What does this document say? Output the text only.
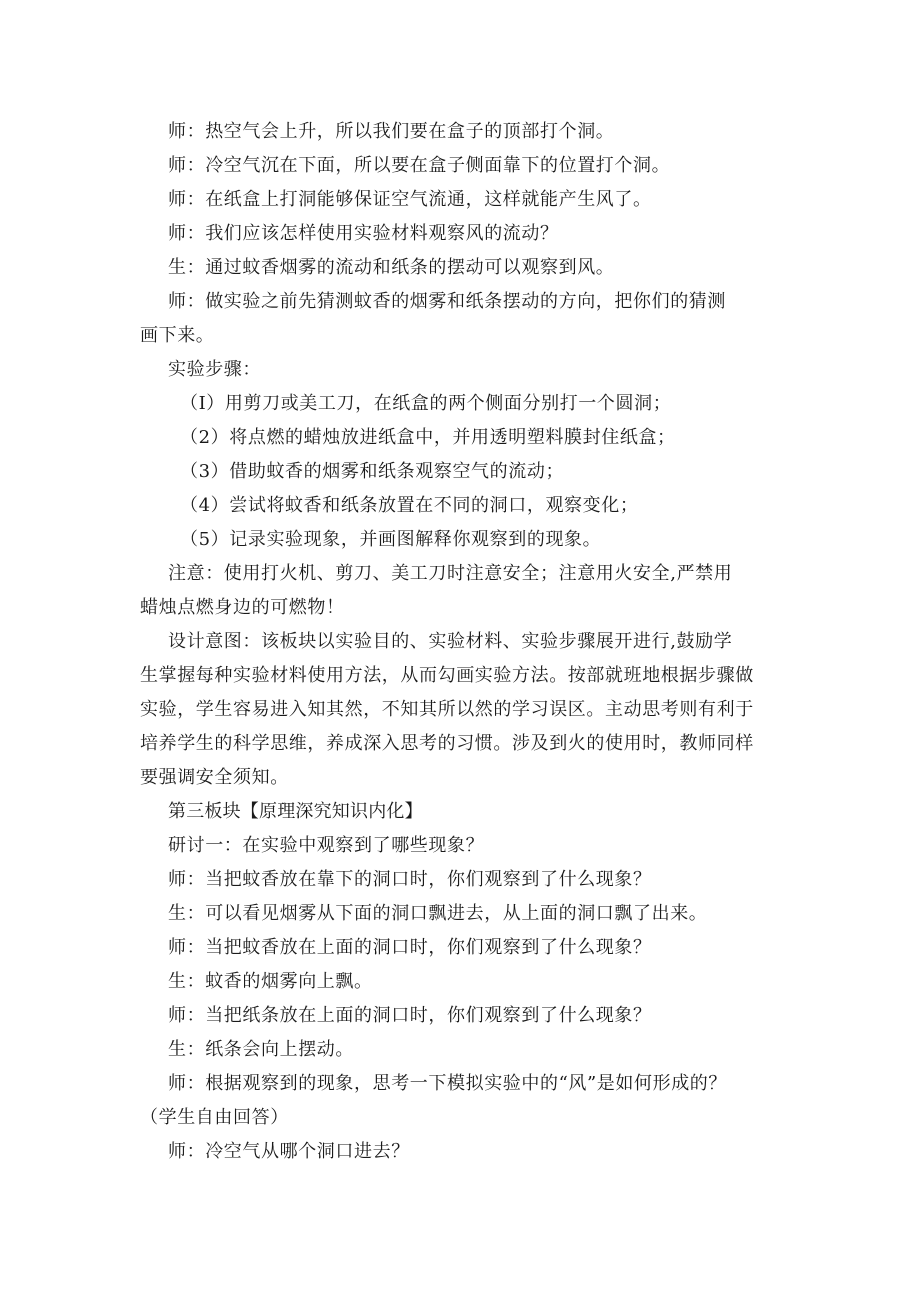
师：热空气会上升，所以我们要在盒子的顶部打个洞。

师：冷空气沉在下面，所以要在盒子侧面靠下的位置打个洞。

师：在纸盒上打洞能够保证空气流通，这样就能产生风了。

师：我们应该怎样使用实验材料观察风的流动？

生：通过蚊香烟雾的流动和纸条的摆动可以观察到风。

师：做实验之前先猜测蚊香的烟雾和纸条摆动的方向，把你们的猜测

画下来。

实验步骤：

（I）用剪刀或美工刀，在纸盒的两个侧面分别打一个圆洞；

（2）将点燃的蜡烛放进纸盒中，并用透明塑料膜封住纸盒；

（3）借助蚊香的烟雾和纸条观察空气的流动；

（4）尝试将蚊香和纸条放置在不同的洞口，观察变化；

（5）记录实验现象，并画图解释你观察到的现象。

注意：使用打火机、剪刀、美工刀时注意安全；注意用火安全,严禁用

蜡烛点燃身边的可燃物！

设计意图：该板块以实验目的、实验材料、实验步骤展开进行,鼓励学

生掌握每种实验材料使用方法，从而勾画实验方法。按部就班地根据步骤做

实验，学生容易进入知其然，不知其所以然的学习误区。主动思考则有利于

培养学生的科学思维，养成深入思考的习惯。涉及到火的使用时，教师同样

要强调安全须知。

第三板块【原理深究知识内化】

研讨一：在实验中观察到了哪些现象？

师：当把蚊香放在靠下的洞口时，你们观察到了什么现象？

生：可以看见烟雾从下面的洞口飘进去，从上面的洞口飘了出来。

师：当把蚊香放在上面的洞口时，你们观察到了什么现象？

生：蚊香的烟雾向上飘。

师：当把纸条放在上面的洞口时，你们观察到了什么现象？

生：纸条会向上摆动。

师：根据观察到的现象，思考一下模拟实验中的“风”是如何形成的？

（学生自由回答）

师：冷空气从哪个洞口进去？
